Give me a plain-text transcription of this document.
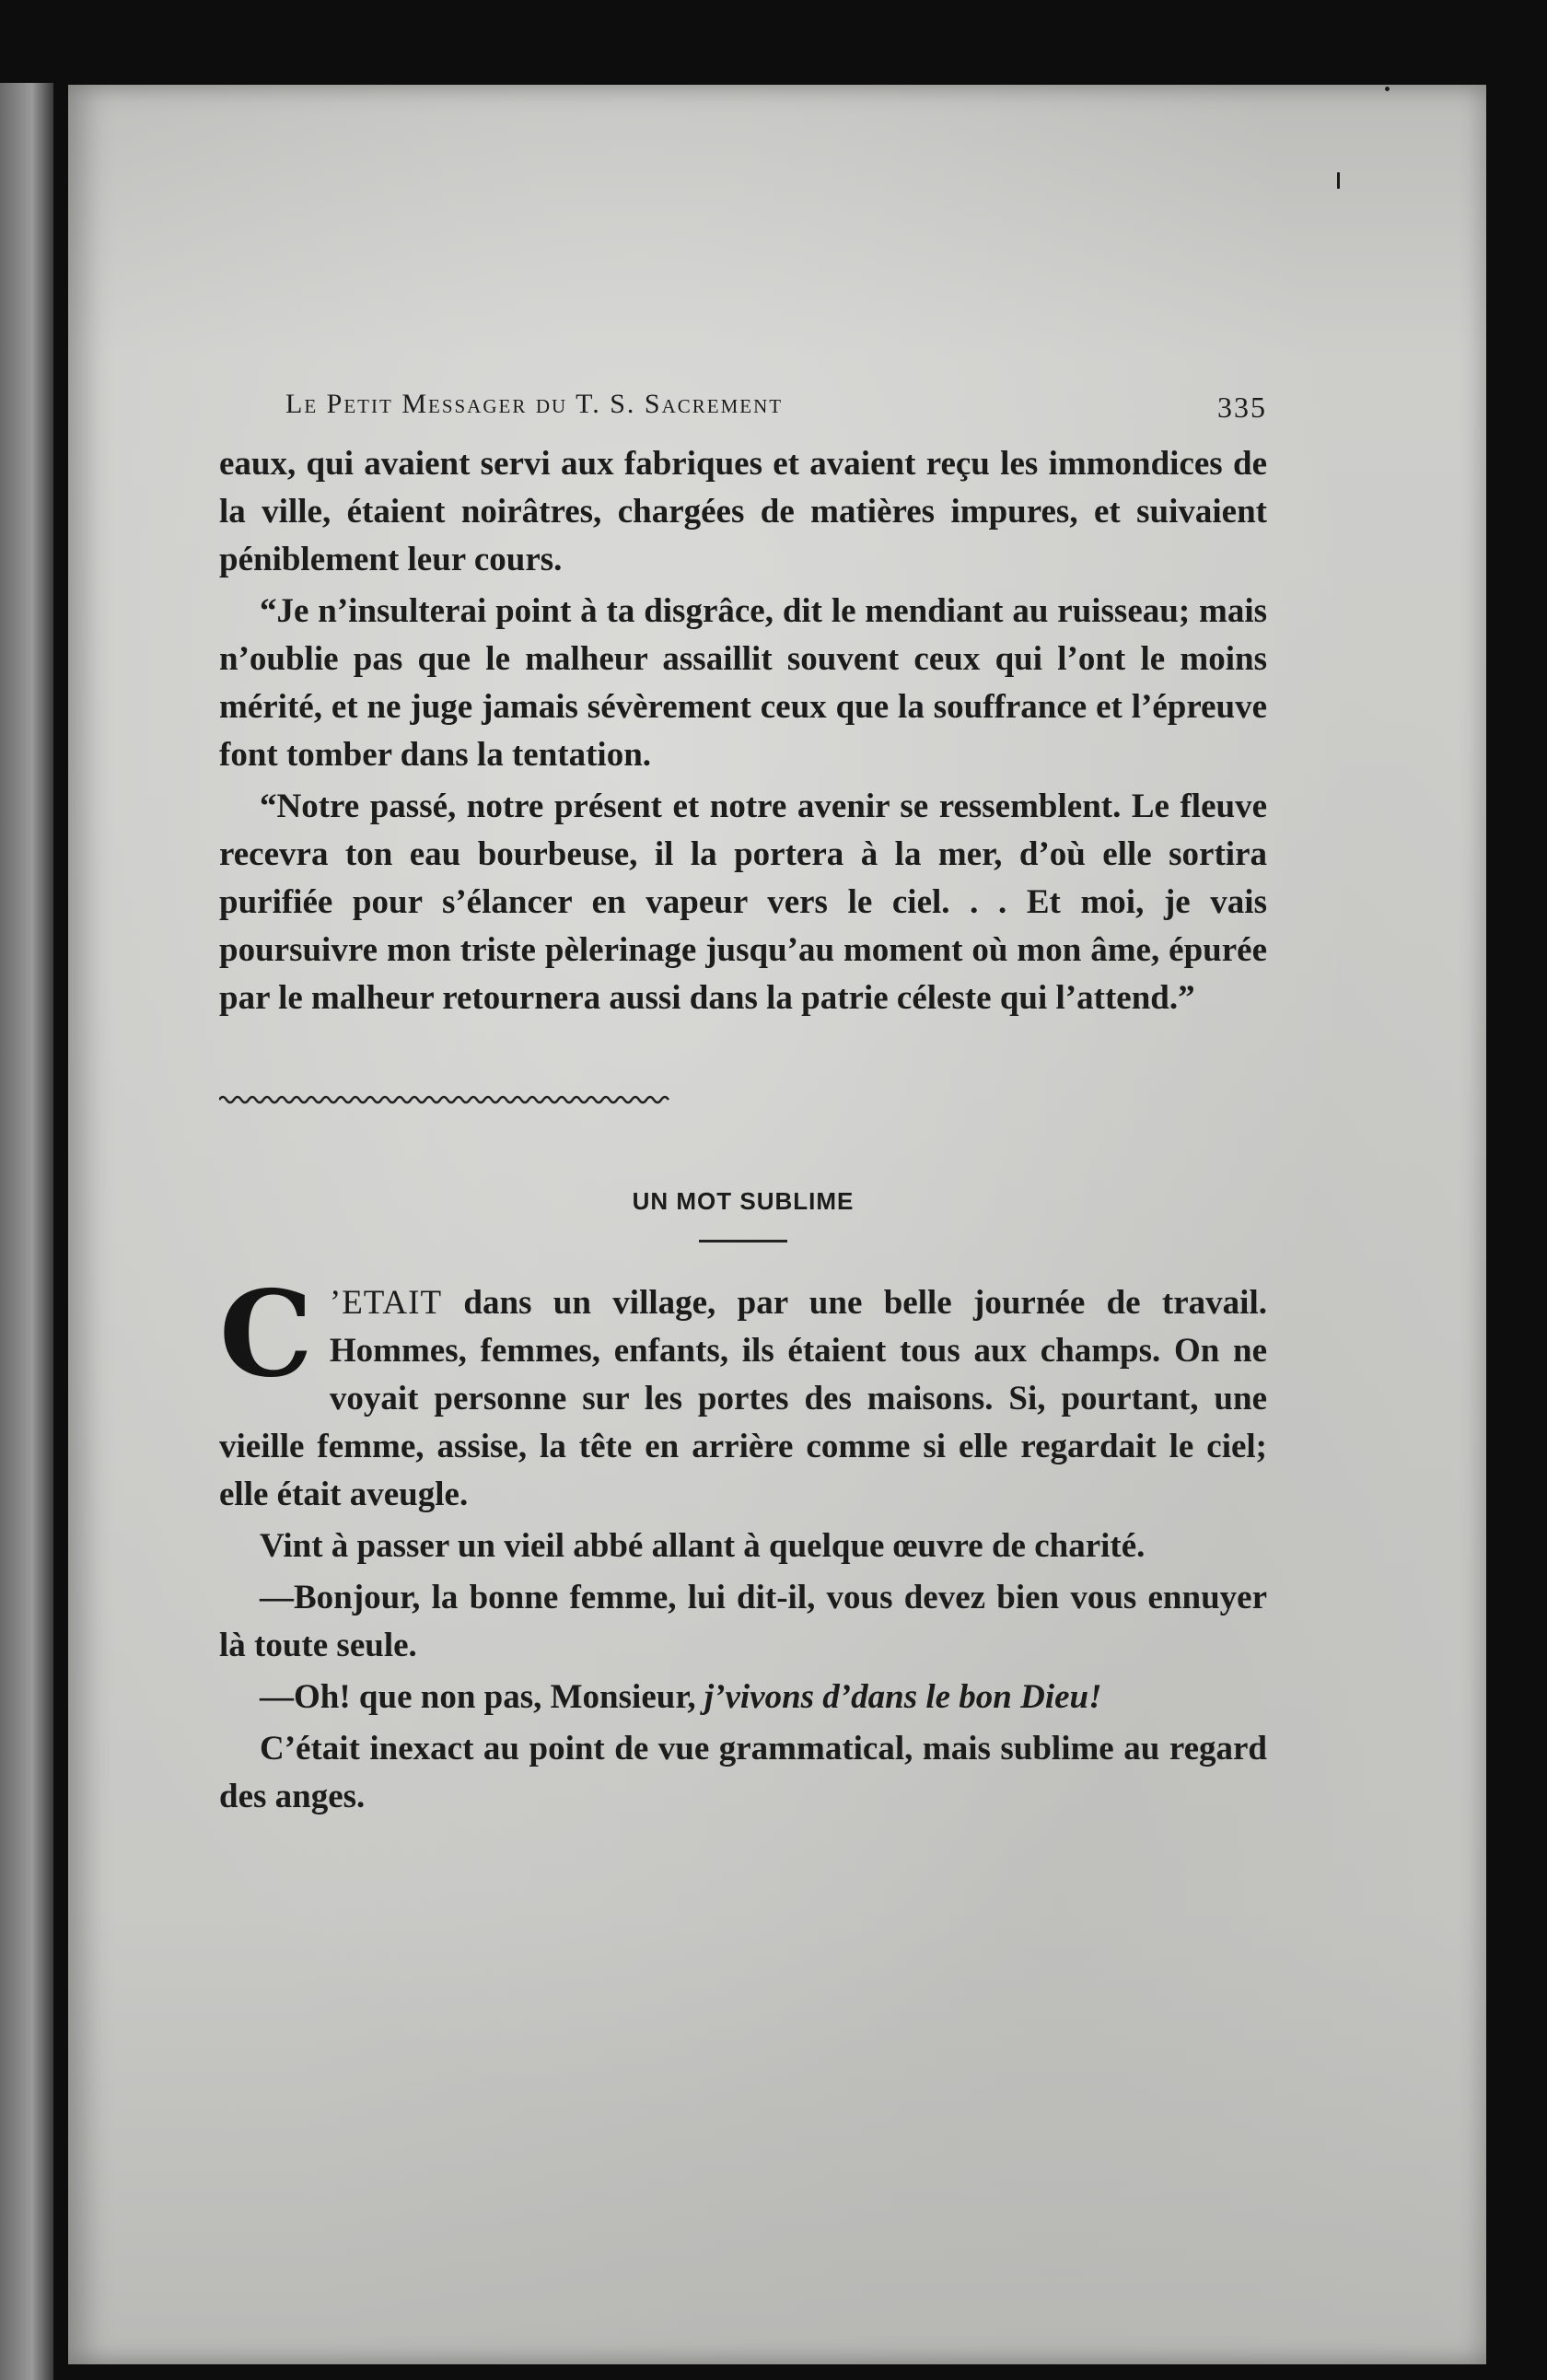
Le Petit Messager du T. S. Sacrement	335

eaux, qui avaient servi aux fabriques et avaient reçu les immondices de la ville, étaient noirâtres, chargées de matières impures, et suivaient péniblement leur cours.

“Je n’insulterai point à ta disgrâce, dit le mendiant au ruisseau; mais n’oublie pas que le malheur assaillit souvent ceux qui l’ont le moins mérité, et ne juge jamais sévèrement ceux que la souffrance et l’épreuve font tomber dans la tentation.

“Notre passé, notre présent et notre avenir se ressemblent. Le fleuve recevra ton eau bourbeuse, il la portera à la mer, d’où elle sortira purifiée pour s’élancer en vapeur vers le ciel. . . Et moi, je vais poursuivre mon triste pèlerinage jusqu’au moment où mon âme, épurée par le malheur retournera aussi dans la patrie céleste qui l’attend.”

UN MOT SUBLIME

C ’ETAIT dans un village, par une belle journée de travail. Hommes, femmes, enfants, ils étaient tous aux champs. On ne voyait personne sur les portes des maisons. Si, pourtant, une vieille femme, assise, la tête en arrière comme si elle regardait le ciel; elle était aveugle.

Vint à passer un vieil abbé allant à quelque œuvre de charité.

—Bonjour, la bonne femme, lui dit-il, vous devez bien vous ennuyer là toute seule.

—Oh! que non pas, Monsieur, j’vivons d’dans le bon Dieu!

C’était inexact au point de vue grammatical, mais sublime au regard des anges.
